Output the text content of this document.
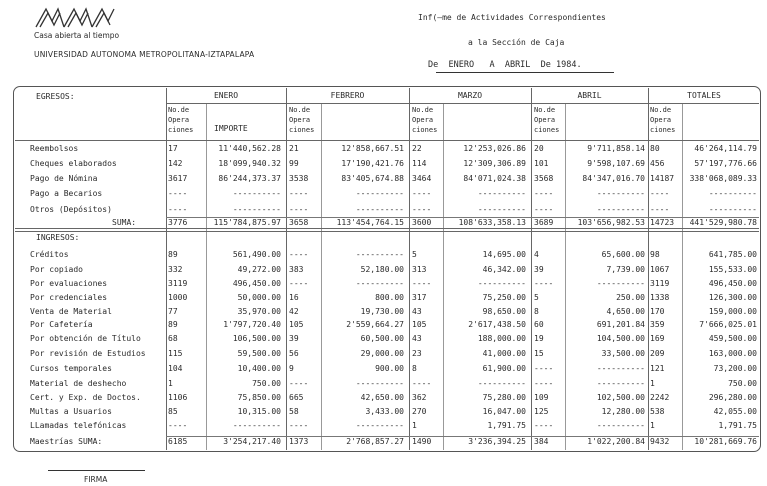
Casa abierta al tiempo
UNIVERSIDAD AUTONOMA METROPOLITANA-IZTAPALAPA
Inf(—me de Actividades Correspondientes
a la Sección de Caja
De ENERO A ABRIL De 1984.
ENERO	FEBRERO	MARZO	ABRIL	TOTALES
No.de
Opera
ciones
No.de
Opera
ciones
No.de
Opera
ciones
No.de
Opera
ciones
No.de
Opera
ciones
IMPORTE
EGRESOS:
INGRESOS:
Reembolsos	17	11'440,562.28 21	12'858,667.51 22	12'253,026.86 20	9'711,858.14 80	46'264,114.79
Cheques elaborados	142	18'099,940.32 99	17'190,421.76 114	12'309,306.89 101	9'598,107.69 456	57'197,776.66
Pago de Nómina	3617	86'244,373.37 3538	83'405,674.88 3464	84'071,024.38 3568	84'347,016.70 14187 338'068,089.33
Pago a Becarios	----	---------- ----	---------- ----	---------- ----	---------- ----	----------
Otros (Depósitos)	----	---------- ----	---------- ----	---------- ----	---------- ----	----------
SUMA:	3776	115'784,875.97 3658	113'454,764.15 3600	108'633,358.13 3689	103'656,982.53 14723 441'529,980.78
Créditos	89	561,490.00 ----	---------- 5	14,695.00 4	65,600.00 98	641,785.00
Por copiado	332	49,272.00 383	52,180.00 313	46,342.00 39	7,739.00 1067	155,533.00
Por evaluaciones	3119	496,450.00 ----	---------- ----	---------- ----	---------- 3119	496,450.00
Por credenciales	1000	50,000.00 16	800.00 317	75,250.00 5	250.00 1338	126,300.00
Venta de Material	77	35,970.00 42	19,730.00 43	98,650.00 8	4,650.00 170	159,000.00
Por Cafetería	89	1'797,720.40 105	2'559,664.27 105	2'617,438.50 60	691,201.84 359	7'666,025.01
Por obtención de Título	68	106,500.00 39	60,500.00 43	188,000.00 19	104,500.00 169	459,500.00
Por revisión de Estudios	115	59,500.00 56	29,000.00 23	41,000.00 15	33,500.00 209	163,000.00
Cursos temporales	104	10,400.00 9	900.00 8	61,900.00 ----	---------- 121	73,200.00
Material de deshecho	1	750.00 ----	---------- ----	---------- ----	---------- 1	750.00
Cert. y Exp. de Doctos.	1106	75,850.00 665	42,650.00 362	75,280.00 109	102,500.00 2242	296,280.00
Multas a Usuarios	85	10,315.00 58	3,433.00 270	16,047.00 125	12,280.00 538	42,055.00
LLamadas telefónicas	----	---------- ----	---------- 1	1,791.75 ----	---------- 1	1,791.75
Maestrías SUMA:	6185	3'254,217.40 1373	2'768,857.27 1490	3'236,394.25 384	1'022,200.84 9432	10'281,669.76
FIRMA
